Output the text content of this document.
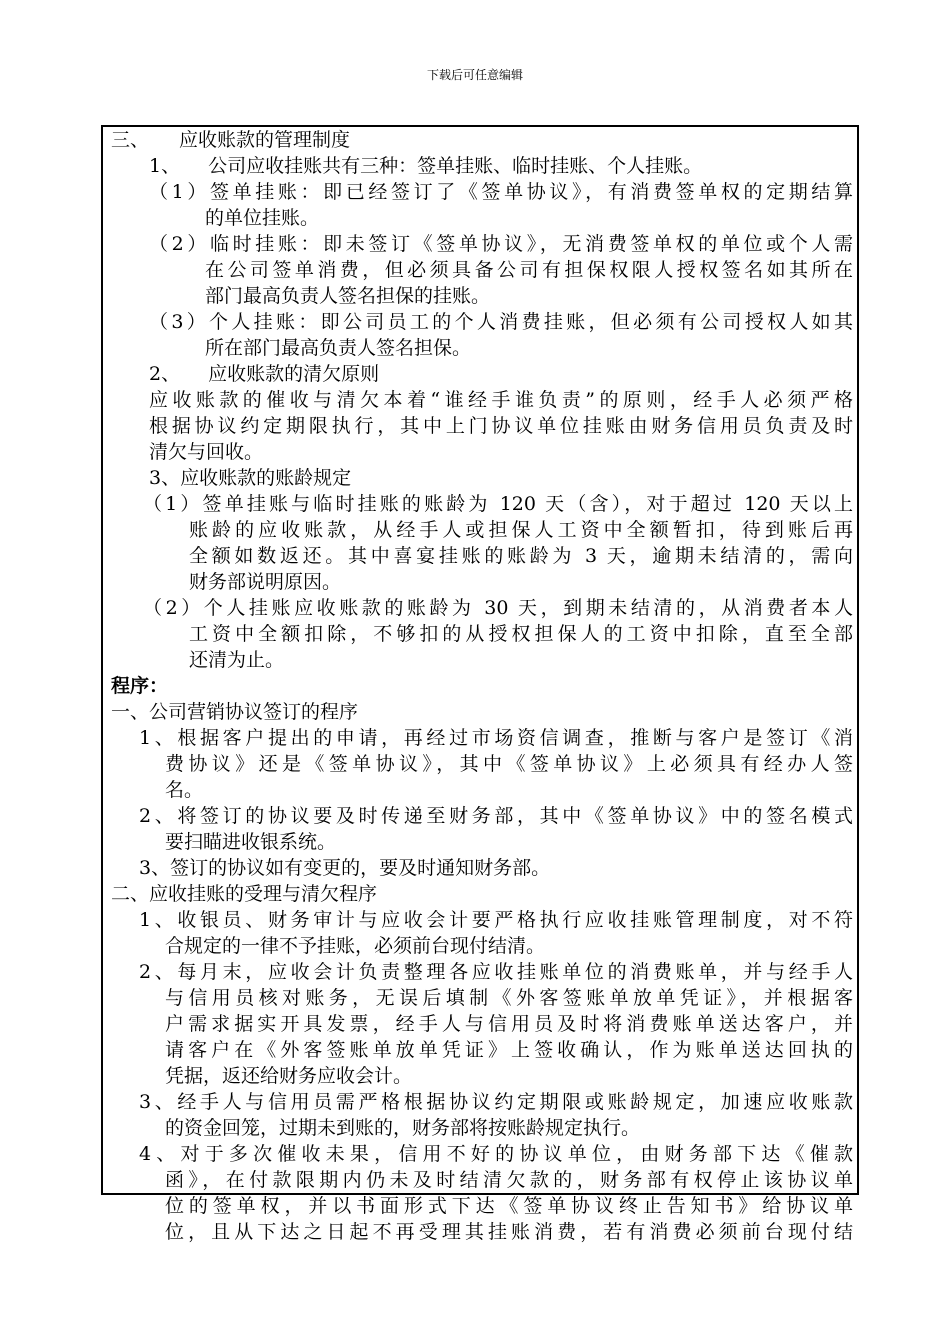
下载后可任意编辑
三、 应收账款的管理制度
1、 公司应收挂账共有三种：签单挂账、临时挂账、个人挂账。
（1）签单挂账：即已经签订了《签单协议》，有消费签单权的定期结算
的单位挂账。
（2）临时挂账：即未签订《签单协议》，无消费签单权的单位或个人需
在公司签单消费，但必须具备公司有担保权限人授权签名如其所在
部门最高负责人签名担保的挂账。
（3）个人挂账：即公司员工的个人消费挂账，但必须有公司授权人如其
所在部门最高负责人签名担保。
2、 应收账款的清欠原则
应收账款的催收与清欠本着“谁经手谁负责”的原则，经手人必须严格
根据协议约定期限执行，其中上门协议单位挂账由财务信用员负责及时
清欠与回收。
3、应收账款的账龄规定
（1）签单挂账与临时挂账的账龄为 120 天（含），对于超过 120 天以上
账龄的应收账款，从经手人或担保人工资中全额暂扣，待到账后再
全额如数返还。其中喜宴挂账的账龄为 3 天，逾期未结清的，需向
财务部说明原因。
（2）个人挂账应收账款的账龄为 30 天，到期未结清的，从消费者本人
工资中全额扣除，不够扣的从授权担保人的工资中扣除，直至全部
还清为止。
程序：
一、公司营销协议签订的程序
1、根据客户提出的申请，再经过市场资信调查，推断与客户是签订《消
费协议》还是《签单协议》，其中《签单协议》上必须具有经办人签
名。
2、将签订的协议要及时传递至财务部，其中《签单协议》中的签名模式
要扫瞄进收银系统。
3、签订的协议如有变更的，要及时通知财务部。
二、应收挂账的受理与清欠程序
1、收银员、财务审计与应收会计要严格执行应收挂账管理制度，对不符
合规定的一律不予挂账，必须前台现付结清。
2、每月末，应收会计负责整理各应收挂账单位的消费账单，并与经手人
与信用员核对账务，无误后填制《外客签账单放单凭证》，并根据客
户需求据实开具发票，经手人与信用员及时将消费账单送达客户，并
请客户在《外客签账单放单凭证》上签收确认，作为账单送达回执的
凭据，返还给财务应收会计。
3、经手人与信用员需严格根据协议约定期限或账龄规定，加速应收账款
的资金回笼，过期未到账的，财务部将按账龄规定执行。
4、对于多次催收未果，信用不好的协议单位，由财务部下达《催款
函》，在付款限期内仍未及时结清欠款的，财务部有权停止该协议单
位的签单权，并以书面形式下达《签单协议终止告知书》给协议单
位，且从下达之日起不再受理其挂账消费，若有消费必须前台现付结
